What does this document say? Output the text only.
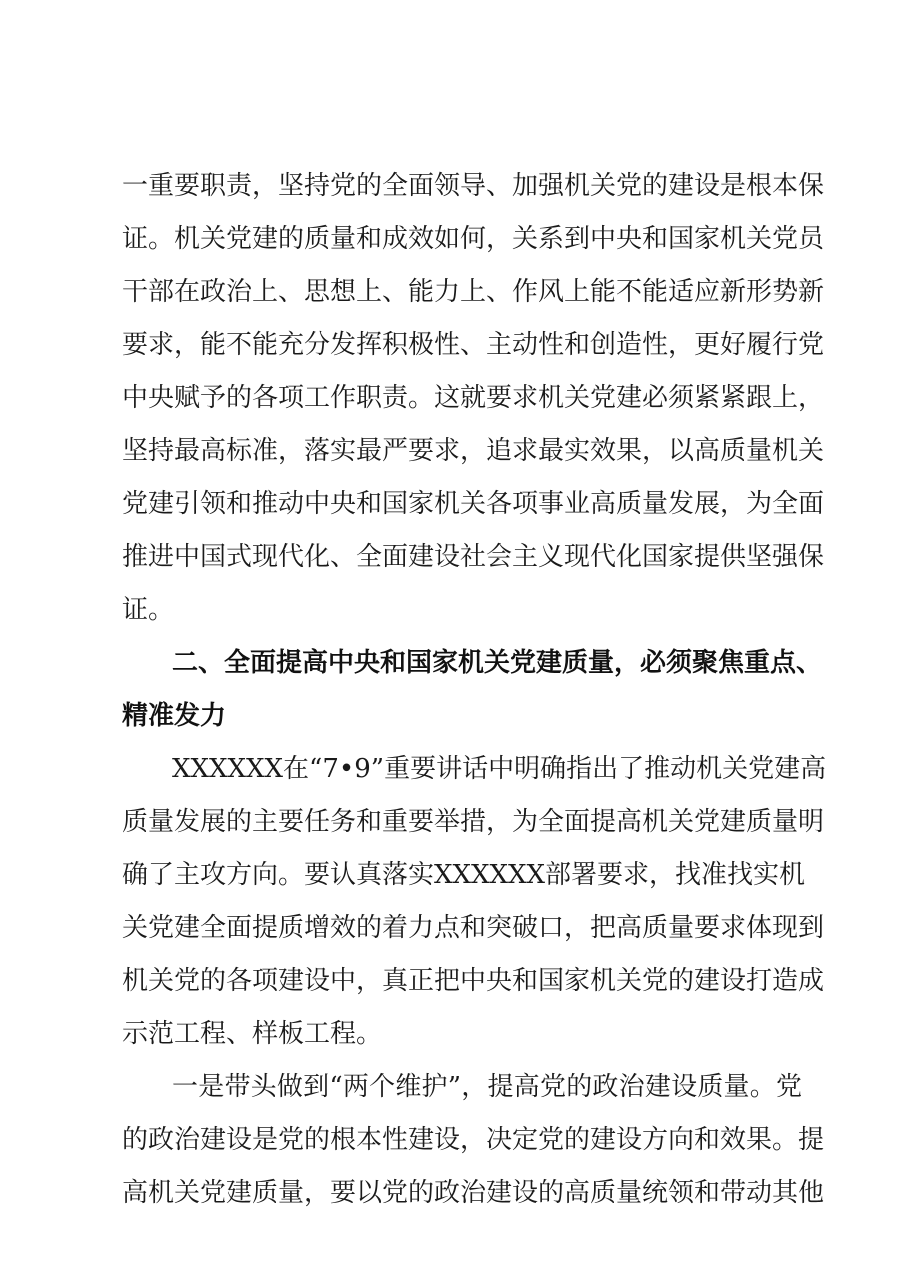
一重要职责，坚持党的全面领导、加强机关党的建设是根本保
证。机关党建的质量和成效如何，关系到中央和国家机关党员
干部在政治上、思想上、能力上、作风上能不能适应新形势新
要求，能不能充分发挥积极性、主动性和创造性，更好履行党
中央赋予的各项工作职责。这就要求机关党建必须紧紧跟上，
坚持最高标准，落实最严要求，追求最实效果，以高质量机关
党建引领和推动中央和国家机关各项事业高质量发展，为全面
推进中国式现代化、全面建设社会主义现代化国家提供坚强保
证。
二、全面提高中央和国家机关党建质量，必须聚焦重点、
精准发力
XXXXXX在“7•9”重要讲话中明确指出了推动机关党建高
质量发展的主要任务和重要举措，为全面提高机关党建质量明
确了主攻方向。要认真落实XXXXXX部署要求，找准找实机
关党建全面提质增效的着力点和突破口，把高质量要求体现到
机关党的各项建设中，真正把中央和国家机关党的建设打造成
示范工程、样板工程。
一是带头做到“两个维护”，提高党的政治建设质量。党
的政治建设是党的根本性建设，决定党的建设方向和效果。提
高机关党建质量，要以党的政治建设的高质量统领和带动其他
